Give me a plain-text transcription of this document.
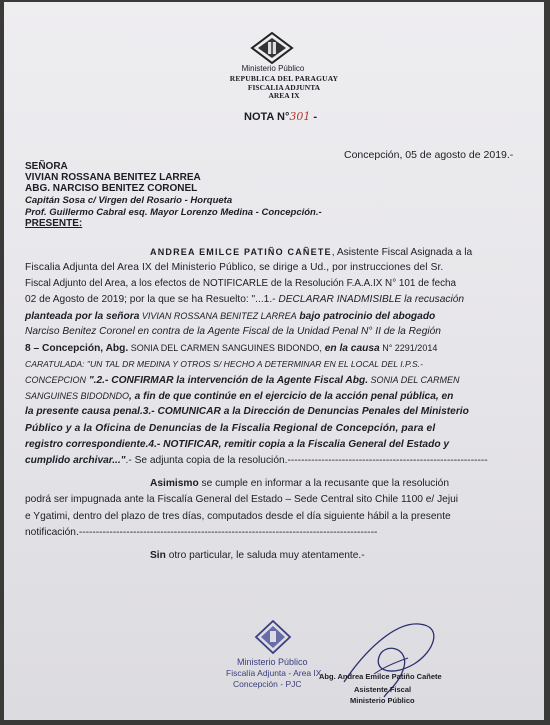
Ministerio Público
REPUBLICA DEL PARAGUAY
FISCALIA ADJUNTA
AREA IX
NOTA N°301 -
Concepción, 05 de agosto de 2019.-
SEÑORA
VIVIAN ROSSANA BENITEZ LARREA
ABG. NARCISO BENITEZ CORONEL
Capitán Sosa c/ Virgen del Rosario - Horqueta
Prof. Guillermo Cabral esq. Mayor Lorenzo Medina - Concepción.-
PRESENTE:
ANDREA EMILCE PATIÑO CAÑETE, Asistente Fiscal Asignada a la
Fiscalia Adjunta del Area IX del Ministerio Público, se dirige a Ud., por instrucciones del Sr.
Fiscal Adjunto del Area, a los efectos de NOTIFICARLE de la Resolución F.A.A.IX N° 101 de fecha
02 de Agosto de 2019; por la que se ha Resuelto: "...1.- DECLARAR INADMISIBLE la recusación
planteada por la señora VIVIAN ROSSANA BENITEZ LARREA bajo patrocinio del abogado
Narciso Benitez Coronel en contra de la Agente Fiscal de la Unidad Penal N° II de la Región
8 – Concepción, Abg. SONIA DEL CARMEN SANGUINES BIDONDO, en la causa N° 2291/2014
CARATULADA: "UN TAL DR MEDINA Y OTROS S/ HECHO A DETERMINAR EN EL LOCAL DEL I.P.S.-
CONCEPCION ".2.- CONFIRMAR la intervención de la Agente Fiscal Abg. SONIA DEL CARMEN
SANGUINES BIDODNDO, a fin de que continúe en el ejercicio de la acción penal pública, en
la presente causa penal.3.- COMUNICAR a la Dirección de Denuncias Penales del Ministerio
Público y a la Oficina de Denuncias de la Fiscalia Regional de Concepción, para el
registro correspondiente.4.- NOTIFICAR, remitir copia a la Fiscalia General del Estado y
cumplido archivar...".- Se adjunta copia de la resolución.-----------------------------------------------------------
Asimismo se cumple en informar a la recusante que la resolución
podrá ser impugnada ante la Fiscalía General del Estado – Sede Central sito Chile 1100 e/ Jejui
e Ygatimi, dentro del plazo de tres días, computados desde el día siguiente hábil a la presente
notificación.----------------------------------------------------------------------------------------
Sin otro particular, le saluda muy atentamente.-
Ministerio Público
Fiscalía Adjunta - Area IX
Concepción - PJC
Abg. Andrea Emilce Patiño Cañete
Asistente Fiscal
Ministerio Público
